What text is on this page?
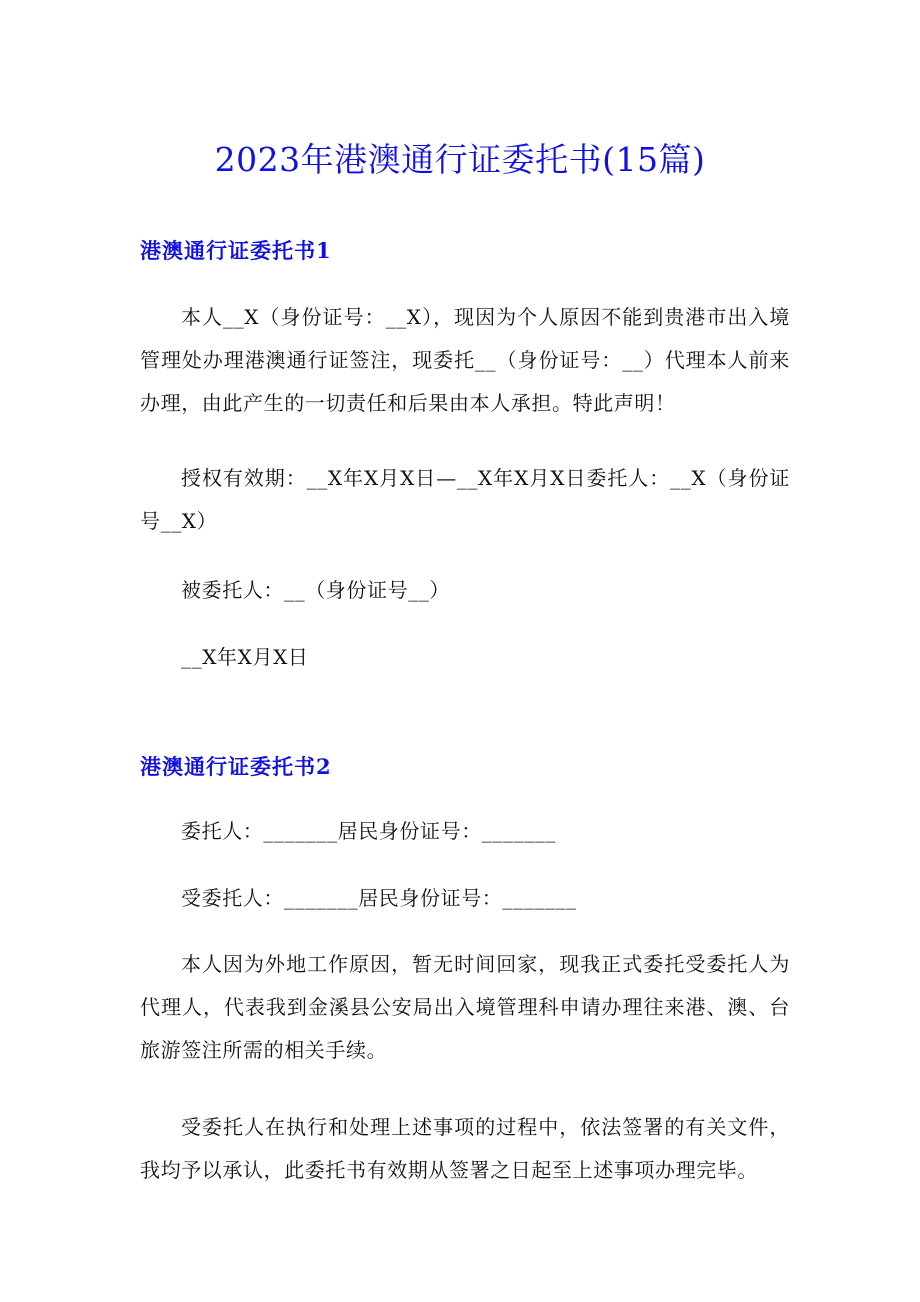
2023年港澳通行证委托书(15篇)
港澳通行证委托书1

本人__X（身份证号：__X），现因为个人原因不能到贵港市出入境管理处办理港澳通行证签注，现委托__（身份证号：__）代理本人前来办理，由此产生的一切责任和后果由本人承担。特此声明！

授权有效期：__X年X月X日—__X年X月X日委托人：__X（身份证号__X）

被委托人：__（身份证号__）

__X年X月X日

港澳通行证委托书2

委托人：_______居民身份证号：_______

受委托人：_______居民身份证号：_______

本人因为外地工作原因，暂无时间回家，现我正式委托受委托人为代理人，代表我到金溪县公安局出入境管理科申请办理往来港、澳、台旅游签注所需的相关手续。

受委托人在执行和处理上述事项的过程中，依法签署的有关文件，我均予以承认，此委托书有效期从签署之日起至上述事项办理完毕。
